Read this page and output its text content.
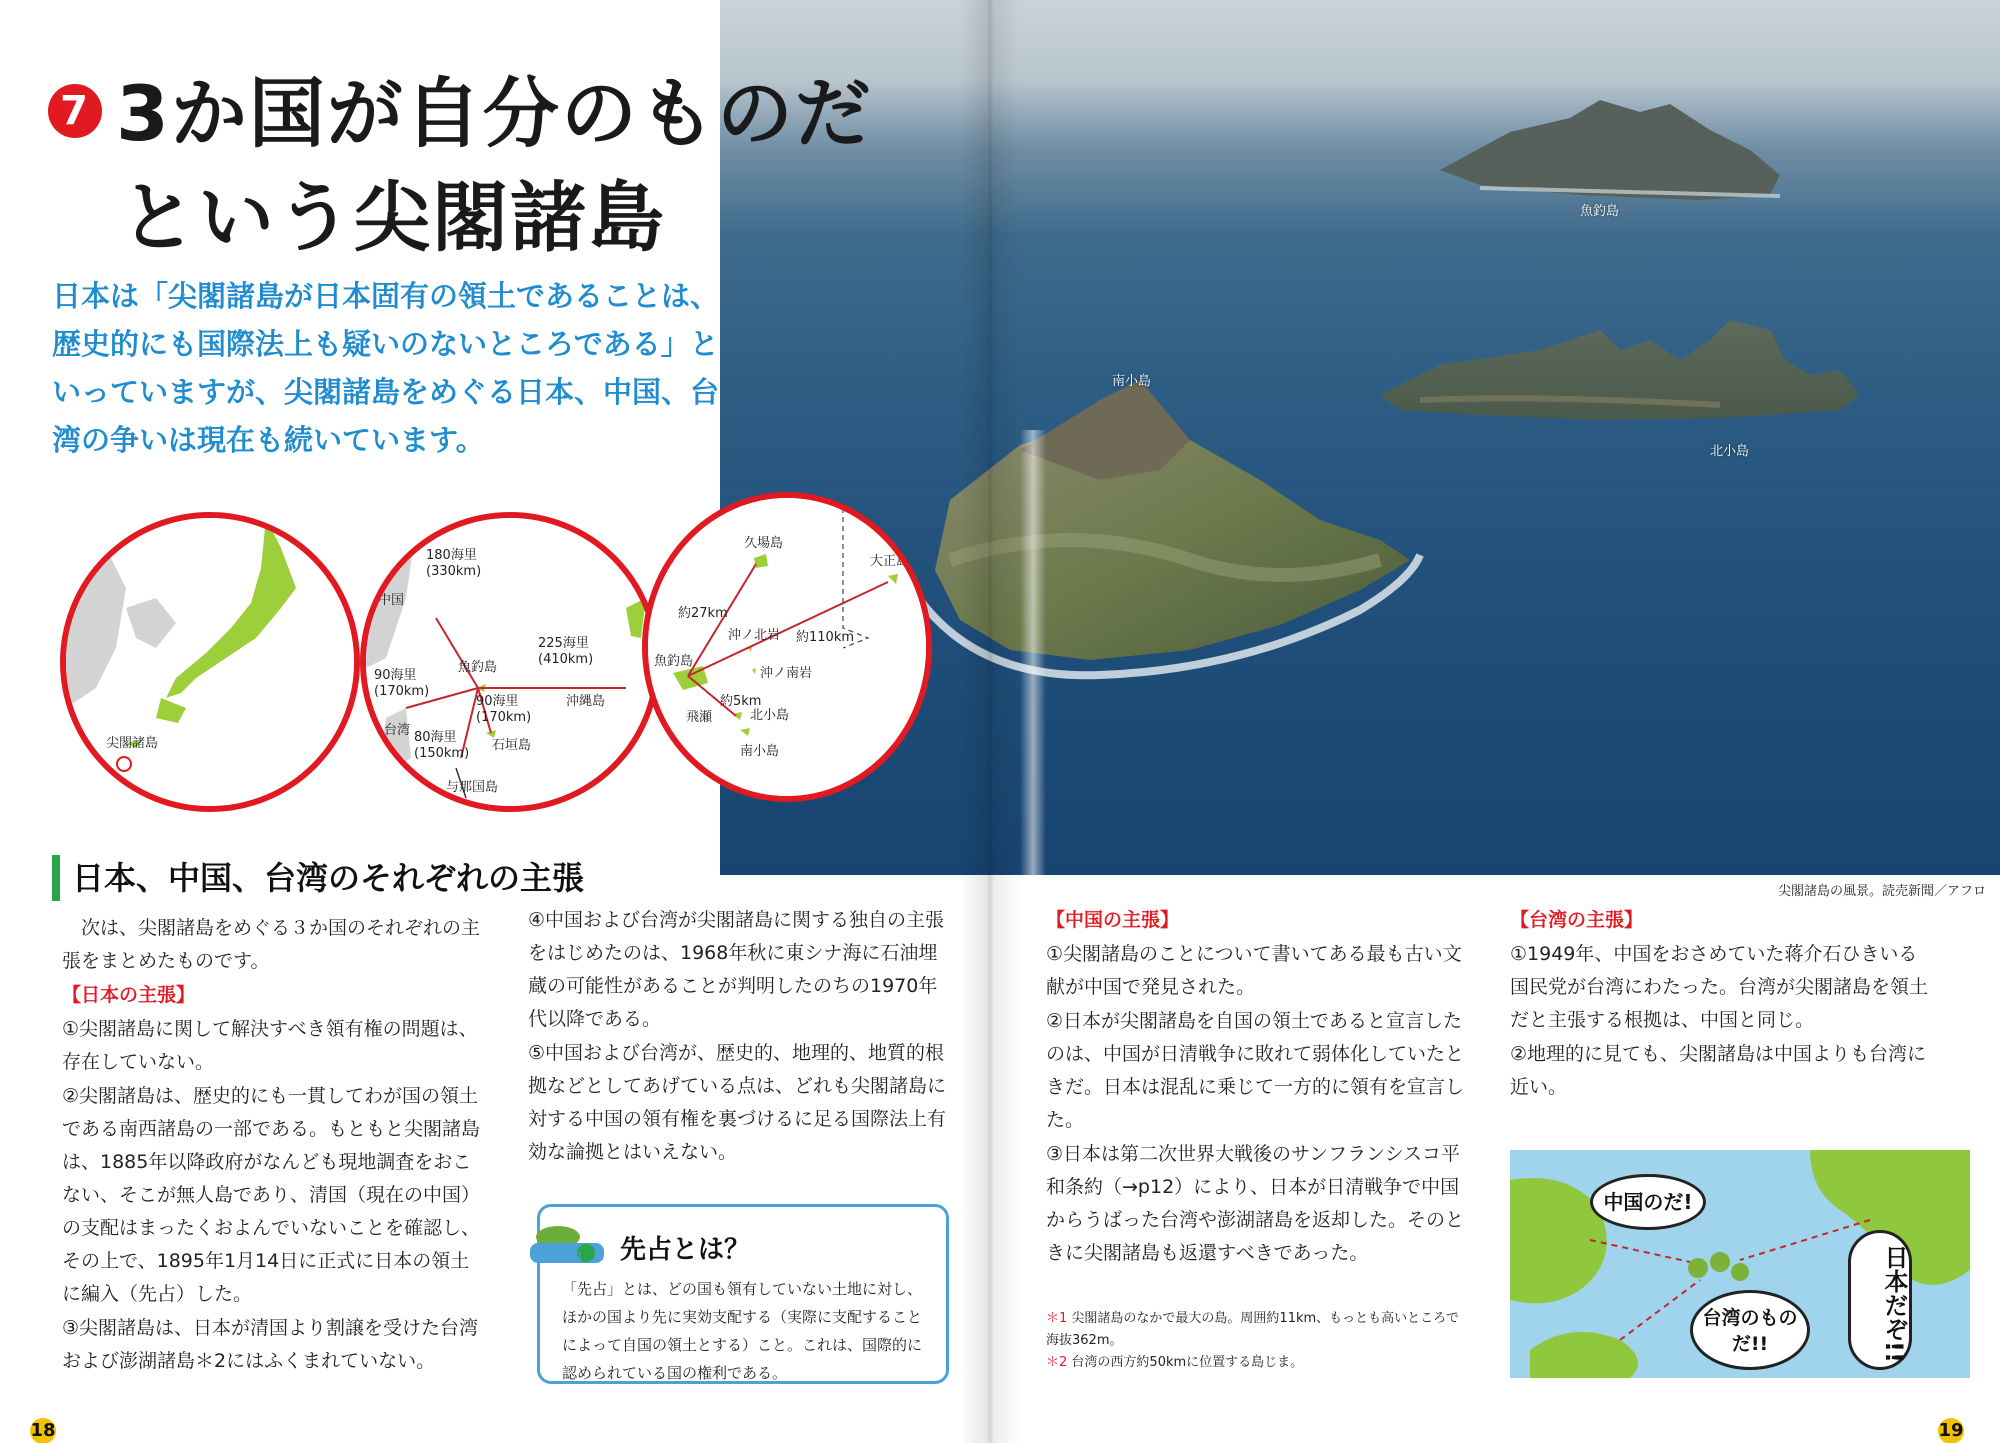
魚釣島
南小島
北小島
尖閣諸島の風景。読売新聞／アフロ
7 3か国が自分のものだ
という尖閣諸島
日本は「尖閣諸島が日本固有の領土であることは、歴史的にも国際法上も疑いのないところである」といっていますが、尖閣諸島をめぐる日本、中国、台湾の争いは現在も続いています。
尖閣諸島
中国
180海里
(330km)
魚釣島
225海里
(410km)
沖縄島
90海里
(170km)
90海里
(170km)
台湾 80海里
(150km)
石垣島
与那国島
久場島
大正島
約27km
沖ノ北岩 約110km
沖ノ南岩
魚釣島
約5km
飛瀬	北小島
南小島
日本、中国、台湾のそれぞれの主張

次は、尖閣諸島をめぐる３か国のそれぞれの主張をまとめたものです。

【日本の主張】

①尖閣諸島に関して解決すべき領有権の問題は、存在していない。

②尖閣諸島は、歴史的にも一貫してわが国の領土である南西諸島の一部である。もともと尖閣諸島は、1885年以降政府がなんども現地調査をおこない、そこが無人島であり、清国（現在の中国）の支配はまったくおよんでいないことを確認し、その上で、1895年1月14日に正式に日本の領土に編入（先占）した。

③尖閣諸島は、日本が清国より割譲を受けた台湾および澎湖諸島＊2にはふくまれていない。

④中国および台湾が尖閣諸島に関する独自の主張をはじめたのは、1968年秋に東シナ海に石油埋蔵の可能性があることが判明したのちの1970年代以降である。

⑤中国および台湾が、歴史的、地理的、地質的根拠などとしてあげている点は、どれも尖閣諸島に対する中国の領有権を裏づけるに足る国際法上有効な論拠とはいえない。

プラス 1 先占とは？
「先占」とは、どの国も領有していない土地に対し、ほかの国より先に実効支配する（実際に支配することによって自国の領土とする）こと。これは、国際的に認められている国の権利である。

【中国の主張】

①尖閣諸島のことについて書いてある最も古い文献が中国で発見された。

②日本が尖閣諸島を自国の領土であると宣言したのは、中国が日清戦争に敗れて弱体化していたときだ。日本は混乱に乗じて一方的に領有を宣言した。

③日本は第二次世界大戦後のサンフランシスコ平和条約（→p12）により、日本が日清戦争で中国からうばった台湾や澎湖諸島を返却した。そのときに尖閣諸島も返還すべきであった。

＊1 尖閣諸島のなかで最大の島。周囲約11km、もっとも高いところで海抜362m。

＊2 台湾の西方約50kmに位置する島じま。

【台湾の主張】

①1949年、中国をおさめていた蒋介石ひきいる国民党が台湾にわたった。台湾が尖閣諸島を領土だと主張する根拠は、中国と同じ。

②地理的に見ても、尖閣諸島は中国よりも台湾に近い。

中国のだ!
日本だぞ!!
台湾のものだ!!
18	19
